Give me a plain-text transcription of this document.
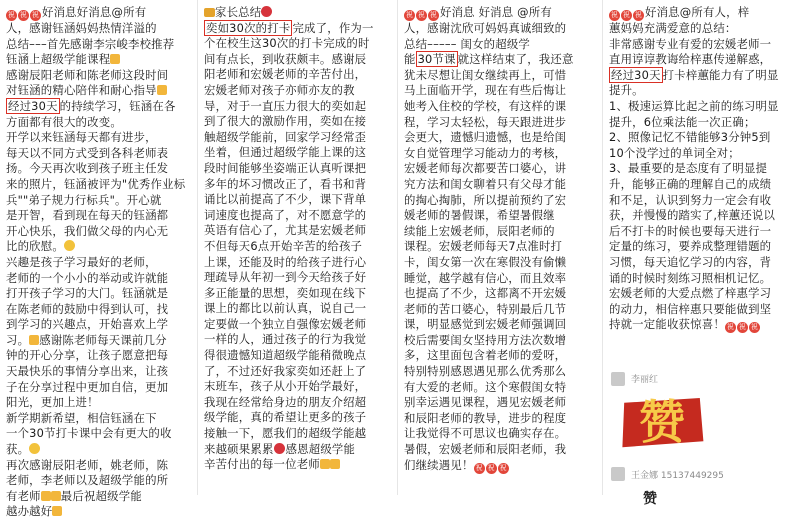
祝 祝 祝 好消息好消息@所有

人，感谢钰涵妈妈热情洋溢的

总结–––首先感谢李宗峻李校推荐

钰涵上超级学能课程

感谢辰阳老师和陈老师这段时间

对钰涵的精心陪伴和耐心指导

经过30天 的持续学习，钰涵在各

方面都有很大的改变。

开学以来钰涵每天都有进步，

每天以不同方式受到各科老师表

扬。今天再次收到孩子班主任发

来的照片，钰涵被评为"优秀作业标

兵""弟子规力行标兵"。开心就

是开智，看到现在每天的钰涵都

开心快乐，我们做父母的内心无

比的欣慰。

兴趣是孩子学习最好的老师，

老师的一个小小的举动或许就能

打开孩子学习的大门。钰涵就是

在陈老师的鼓励中得到认可，找

到学习的兴趣点，开始喜欢上学

习。 感谢陈老师每天课前几分

钟的开心分享，让孩子愿意把每

天最快乐的事情分享出来，让孩

子在分享过程中更加自信，更加

阳光，更加上进！

新学期新希望，相信钰涵在下

一个30节打卡课中会有更大的收

获。

再次感谢辰阳老师，姚老师，陈

老师，李老师以及超级学能的所

有老师 最后祝超级学能

越办越好

家长总结

奕如30次的打卡 完成了，作为一

个在校生这30次的打卡完成的时

间有点长，到收获颇丰。感谢辰

阳老师和宏媛老师的辛苦付出，

宏媛老师对孩子亦师亦友的教

导，对于一直压力很大的奕如起

到了很大的激励作用，奕如在接

触超级学能前，回家学习经常歪

坐着，但通过超级学能上课的这

段时间能够坐姿端正认真听课把

多年的坏习惯改正了，看书和背

诵比以前提高了不少，课下背单

词速度也提高了，对不愿意学的

英语有信心了，尤其是宏媛老师

不但每天6点开始辛苦的给孩子

上课，还能及时的给孩子进行心

理疏导从年初一到今天给孩子好

多正能量的思想，奕如现在线下

课上的都比以前认真，说自己一

定要做一个独立自强像宏媛老师

一样的人，通过孩子的行为我觉

得很遗憾知道超级学能稍微晚点

了，不过还好我家奕如还赶上了

末班车，孩子从小开始学最好，

我现在经常给身边的朋友介绍超

级学能，真的希望让更多的孩子

接触一下，愿我们的超级学能越

来越硕果累累 感恩超级学能

辛苦付出的每一位老师

祝 祝 祝 好消息 好消息 @所有

人，感谢沈欣可妈妈真诚细致的

总结––––– 闺女的超级学

能 30节课 就这样结束了，我还意

犹未尽想让闺女继续再上，可惜

马上面临开学，现在有些后悔让

她考入住校的学校，有这样的课

程，学习太轻松，每天跟进进步

会更大，遗憾归遗憾，也是给闺

女自觉管理学习能动力的考核，

宏媛老师每次都要苦口婆心，讲

究方法和闺女聊着只有父母才能

的掏心掏肺，所以提前预约了宏

媛老师的暑假课，希望暑假继

续能上宏媛老师，辰阳老师的

课程。宏媛老师每天7点准时打

卡，闺女第一次在寒假没有偷懒

睡觉，越学越有信心，而且效率

也提高了不少，这都离不开宏媛

老师的苦口婆心，特别最后几节

课，明显感觉到宏媛老师强调回

校后需要闺女坚持用方法次数增

多，这里面包含着老师的爱呀，

特别特别感恩遇见那么优秀那么

有大爱的老师。这个寒假闺女特

别幸运遇见课程，遇见宏媛老师

和辰阳老师的教导，进步的程度

让我觉得不可思议也确实存在。

暑假，宏媛老师和辰阳老师，我

们继续遇见！ 祝 祝 祝

祝 祝 祝 好消息@所有人，梓

蕙妈妈充满爱意的总结：

非常感谢专业有爱的宏媛老师一

直用谆谆教诲给梓惠传递解惑，

经过30天 打卡梓蕙能力有了明显

提升。

1、极速运算比起之前的练习明显

提升，6位乘法能一次正确；

2、照像记忆不错能够3分钟5到

10个没学过的单词全对；

3、最重要的是态度有了明显提

升，能够正确的理解自己的成绩

和不足，认识到努力一定会有收

获，并慢慢的踏实了,梓蕙还说以

后不打卡的时候也要每天进行一

定量的练习，要养成整理错题的

习惯，每天追忆学习的内容，背

诵的时候时刻练习照相机记忆。

宏媛老师的大爱点燃了梓惠学习

的动力，相信梓惠只要能做到坚

持就一定能收获惊喜！ 祝 祝 祝

李丽红
赞
王金娜 15137449295
赞
